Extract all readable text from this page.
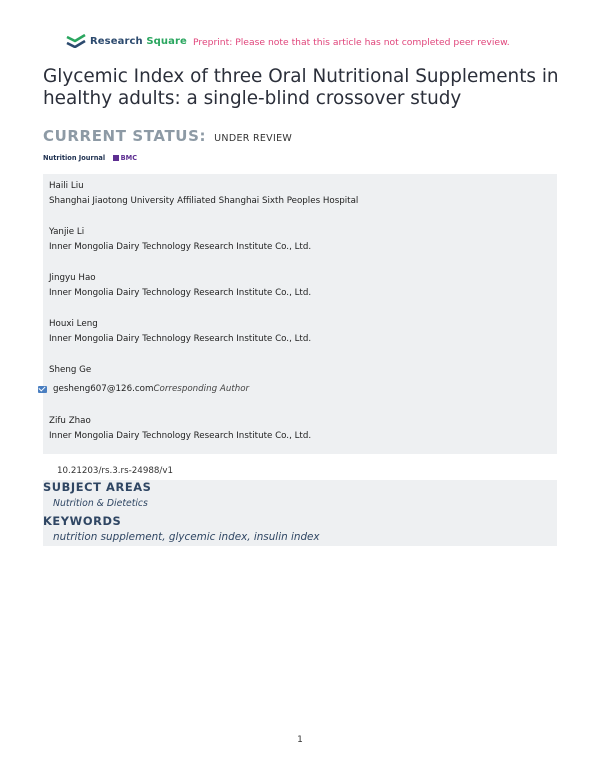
Research Square Preprint: Please note that this article has not completed peer review.
Glycemic Index of three Oral Nutritional Supplements in healthy adults: a single-blind crossover study
CURRENT STATUS: UNDER REVIEW
Nutrition Journal BMC
Haili Liu
Shanghai Jiaotong University Affiliated Shanghai Sixth Peoples Hospital
Yanjie Li
Inner Mongolia Dairy Technology Research Institute Co., Ltd.
Jingyu Hao
Inner Mongolia Dairy Technology Research Institute Co., Ltd.
Houxi Leng
Inner Mongolia Dairy Technology Research Institute Co., Ltd.
Sheng Ge
gesheng607@126.com Corresponding Author
Zifu Zhao
Inner Mongolia Dairy Technology Research Institute Co., Ltd.
10.21203/rs.3.rs-24988/v1
Nutrition & Dietetics
SUBJECT AREAS
nutrition supplement, glycemic index, insulin index
KEYWORDS
1
